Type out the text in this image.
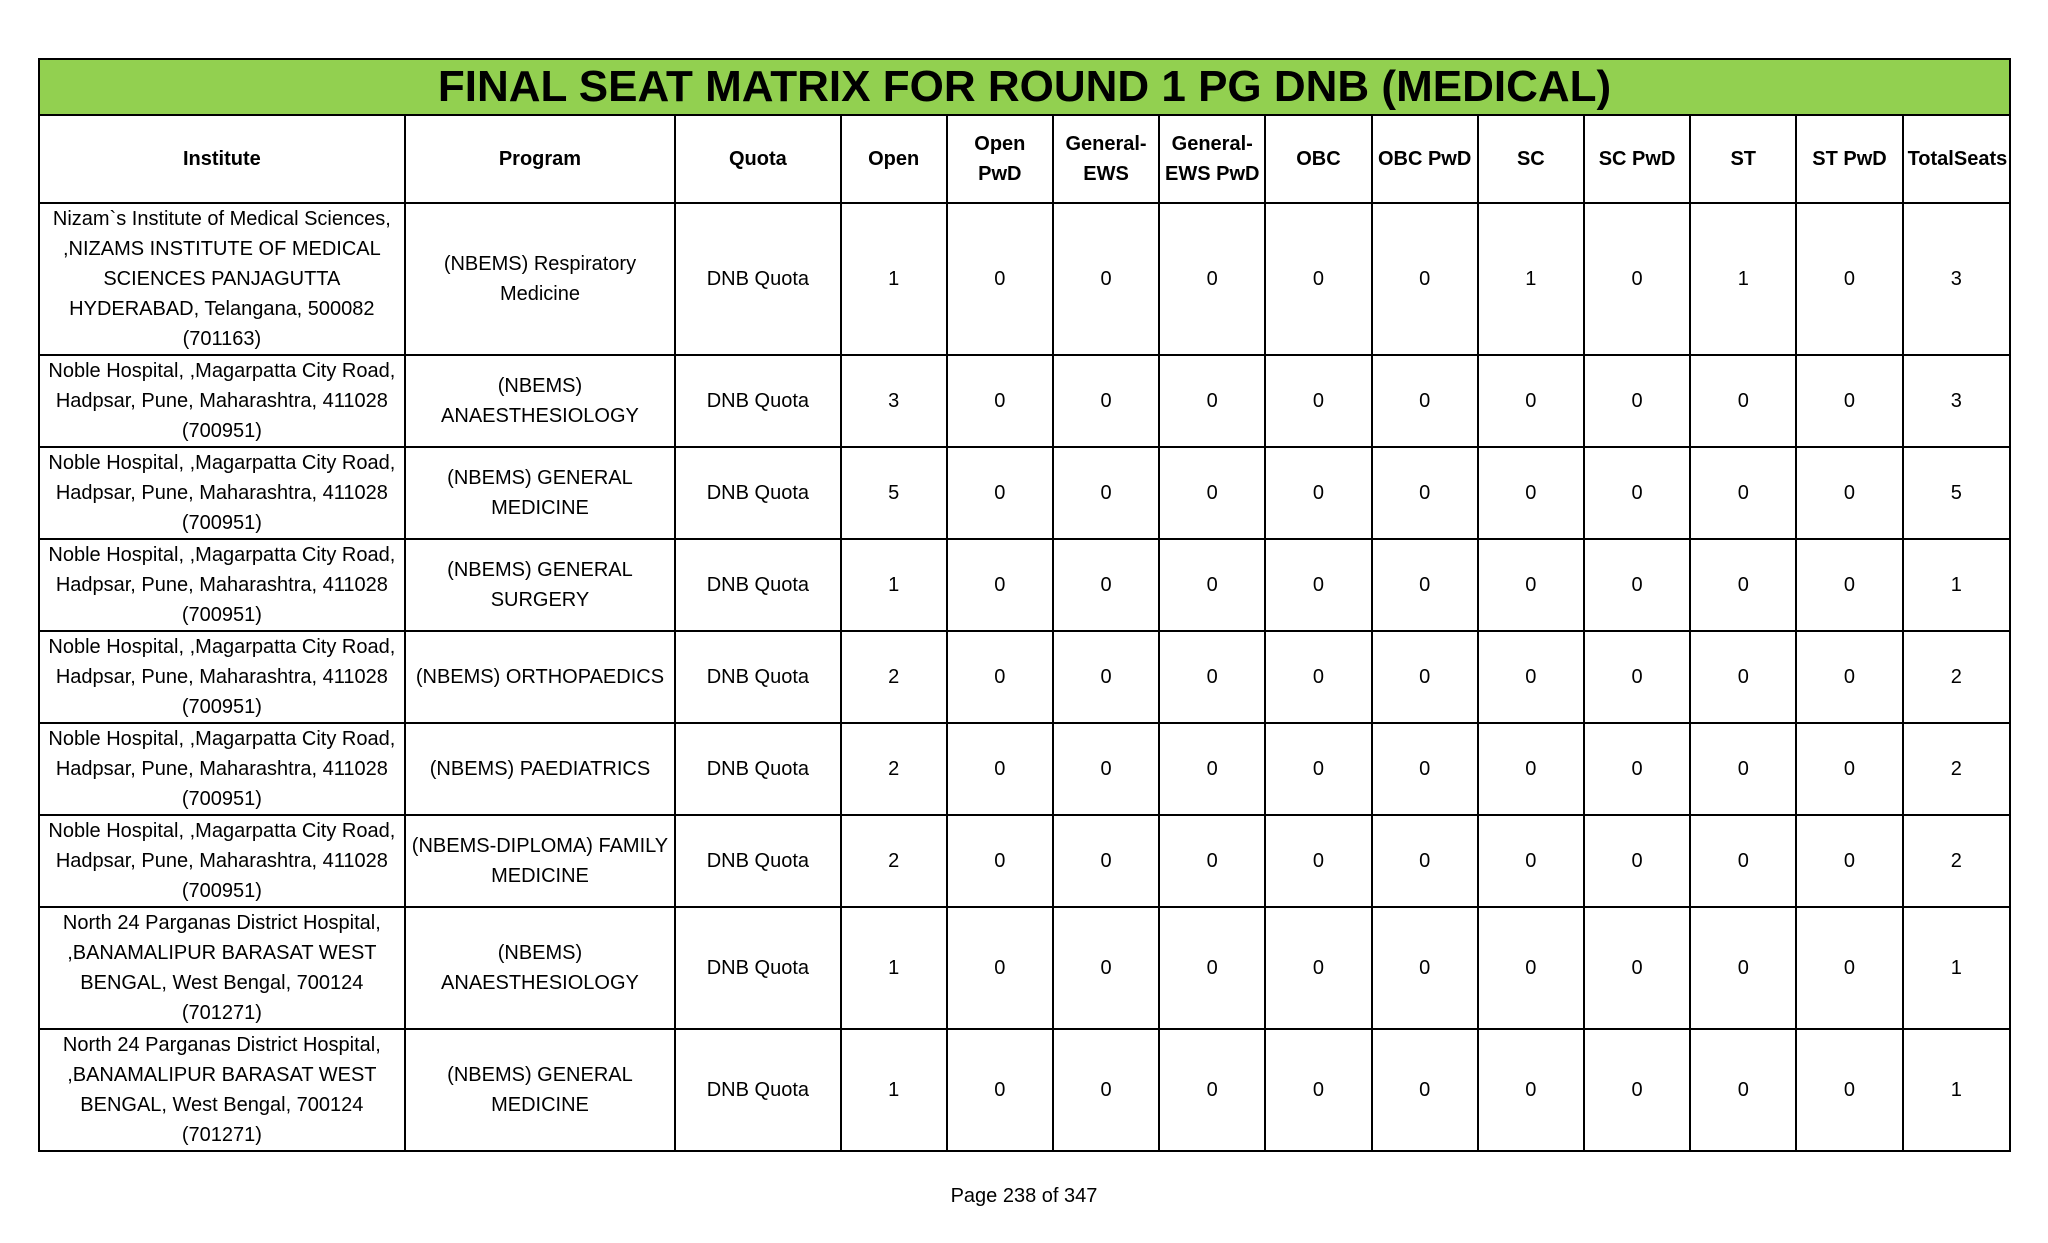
FINAL SEAT MATRIX FOR ROUND 1 PG DNB (MEDICAL)													
Institute	Program	Quota	Open	Open PwD	General-EWS	General-EWS PwD	OBC	OBC PwD	SC	SC PwD	ST	ST PwD	TotalSeats
Nizam`s Institute of Medical Sciences, ,NIZAMS INSTITUTE OF MEDICAL SCIENCES PANJAGUTTA HYDERABAD, Telangana, 500082 (701163)	(NBEMS) Respiratory Medicine	DNB Quota	1	0	0	0	0	0	1	0	1	0	3
Noble Hospital, ,Magarpatta City Road, Hadpsar, Pune, Maharashtra, 411028 (700951)	(NBEMS) ANAESTHESIOLOGY	DNB Quota	3	0	0	0	0	0	0	0	0	0	3
Noble Hospital, ,Magarpatta City Road, Hadpsar, Pune, Maharashtra, 411028 (700951)	(NBEMS) GENERAL MEDICINE	DNB Quota	5	0	0	0	0	0	0	0	0	0	5
Noble Hospital, ,Magarpatta City Road, Hadpsar, Pune, Maharashtra, 411028 (700951)	(NBEMS) GENERAL SURGERY	DNB Quota	1	0	0	0	0	0	0	0	0	0	1
Noble Hospital, ,Magarpatta City Road, Hadpsar, Pune, Maharashtra, 411028 (700951)	(NBEMS) ORTHOPAEDICS	DNB Quota	2	0	0	0	0	0	0	0	0	0	2
Noble Hospital, ,Magarpatta City Road, Hadpsar, Pune, Maharashtra, 411028 (700951)	(NBEMS) PAEDIATRICS	DNB Quota	2	0	0	0	0	0	0	0	0	0	2
Noble Hospital, ,Magarpatta City Road, Hadpsar, Pune, Maharashtra, 411028 (700951)	(NBEMS-DIPLOMA) FAMILY MEDICINE	DNB Quota	2	0	0	0	0	0	0	0	0	0	2
North 24 Parganas District Hospital, ,BANAMALIPUR BARASAT WEST BENGAL, West Bengal, 700124 (701271)	(NBEMS) ANAESTHESIOLOGY	DNB Quota	1	0	0	0	0	0	0	0	0	0	1
North 24 Parganas District Hospital, ,BANAMALIPUR BARASAT WEST BENGAL, West Bengal, 700124 (701271)	(NBEMS) GENERAL MEDICINE	DNB Quota	1	0	0	0	0	0	0	0	0	0	1
Page 238 of 347
